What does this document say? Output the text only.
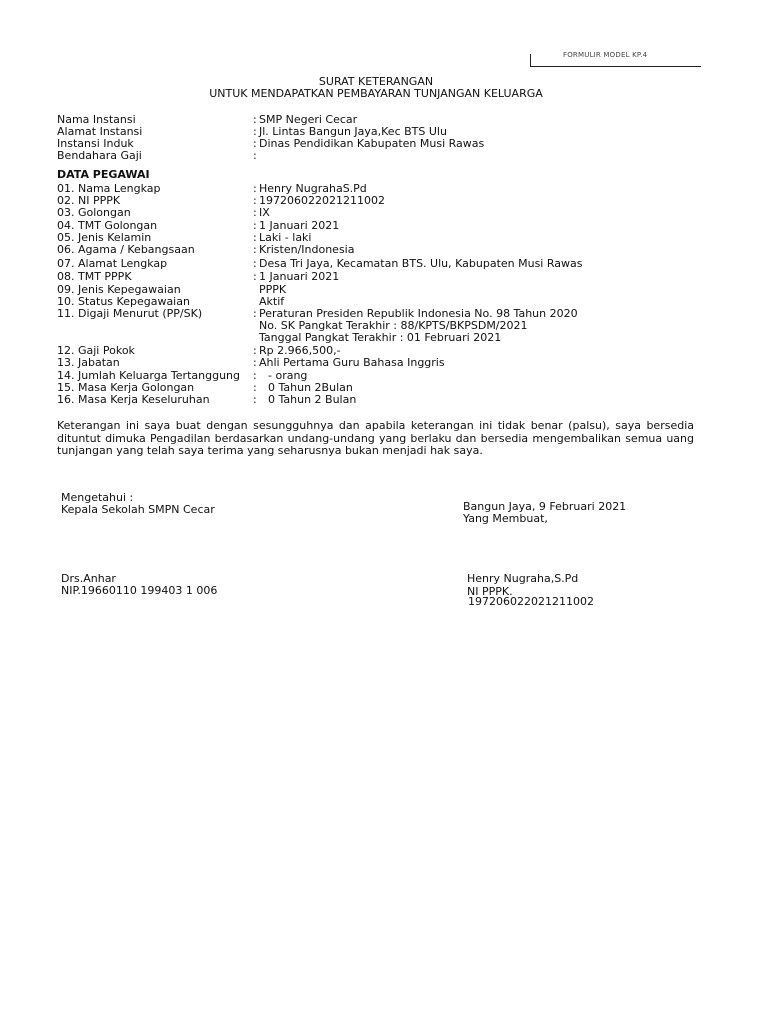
FORMULIR MODEL KP.4
SURAT KETERANGAN
UNTUK MENDAPATKAN PEMBAYARAN TUNJANGAN KELUARGA
Nama Instansi	: SMP Negeri Cecar
Alamat Instansi	: Jl. Lintas Bangun Jaya,Kec BTS Ulu
Instansi Induk	: Dinas Pendidikan Kabupaten Musi Rawas
Bendahara Gaji	:
DATA PEGAWAI
01. Nama Lengkap	: Henry NugrahaS.Pd
02. NI PPPK	: 197206022021211002
03. Golongan	: IX
04. TMT Golongan	: 1 Januari 2021
05. Jenis Kelamin	: Laki - laki
06. Agama / Kebangsaan	: Kristen/Indonesia
07. Alamat Lengkap	: Desa Tri Jaya, Kecamatan BTS. Ulu, Kabupaten Musi Rawas
08. TMT PPPK	: 1 Januari 2021
09. Jenis Kepegawaian	PPPK
10. Status Kepegawaian	Aktif
11. Digaji Menurut (PP/SK)	: Peraturan Presiden Republik Indonesia No. 98 Tahun 2020
No. SK Pangkat Terakhir : 88/KPTS/BKPSDM/2021
Tanggal Pangkat Terakhir : 01 Februari 2021
12. Gaji Pokok	: Rp 2.966,500,-
13. Jabatan	: Ahli Pertama Guru Bahasa Inggris
14. Jumlah Keluarga Tertanggung : - orang
15. Masa Kerja Golongan	: 0 Tahun 2Bulan
16. Masa Kerja Keseluruhan	: 0 Tahun 2 Bulan
Keterangan ini saya buat dengan sesungguhnya dan apabila keterangan ini tidak benar (palsu), saya bersedia dituntut dimuka Pengadilan berdasarkan undang-undang yang berlaku dan bersedia mengembalikan semua uang tunjangan yang telah saya terima yang seharusnya bukan menjadi hak saya.
Mengetahui :
Kepala Sekolah SMPN Cecar
Drs.Anhar
NIP.19660110 199403 1 006
Bangun Jaya, 9 Februari 2021
Yang Membuat,
Henry Nugraha,S.Pd
NI PPPK.
197206022021211002
